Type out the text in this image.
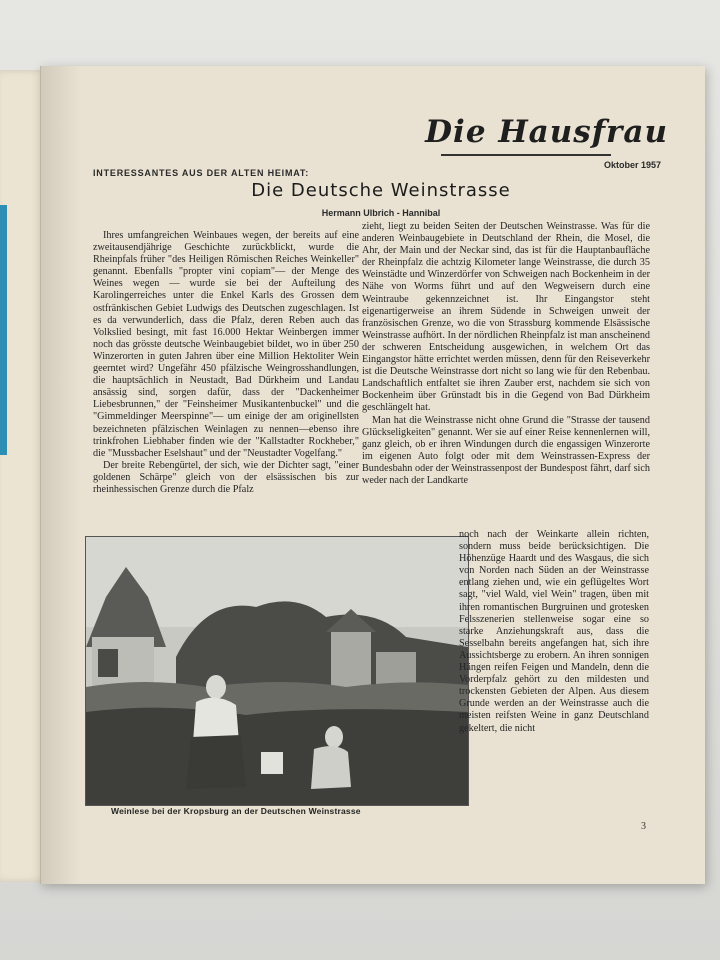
Die Hausfrau
Oktober 1957
INTERESSANTES AUS DER ALTEN HEIMAT:
Die Deutsche Weinstrasse
Hermann Ulbrich - Hannibal

Ihres umfangreichen Weinbaues wegen, der bereits auf eine zweitausendjährige Geschichte zurückblickt, wurde die Rheinpfals früher "des Heiligen Römischen Reiches Weinkeller" genannt. Ebenfalls "propter vini copiam"— der Menge des Weines wegen — wurde sie bei der Aufteilung des Karolingerreiches unter die Enkel Karls des Grossen dem ostfränkischen Gebiet Ludwigs des Deutschen zugeschlagen. Ist es da verwunderlich, dass die Pfalz, deren Reben auch das Volkslied besingt, mit fast 16.000 Hektar Weinbergen immer noch das grösste deutsche Weinbaugebiet bildet, wo in über 250 Winzerorten in guten Jahren über eine Million Hektoliter Wein geerntet wird? Ungefähr 450 pfälzische Weingrosshandlungen, die hauptsächlich in Neustadt, Bad Dürkheim und Landau ansässig sind, sorgen dafür, dass der "Dackenheimer Liebesbrunnen," der "Feinsheimer Musikantenbuckel" und die "Gimmeldinger Meerspinne"— um einige der am originellsten bezeichneten pfälzischen Weinlagen zu nennen—ebenso ihre trinkfrohen Liebhaber finden wie der "Kallstadter Rockheber," die "Mussbacher Eselshaut" und der "Neustadter Vogelfang."

Der breite Rebengürtel, der sich, wie der Dichter sagt, "einer goldenen Schärpe" gleich von der elsässischen bis zur rheinhessischen Grenze durch die Pfalz

zieht, liegt zu beiden Seiten der Deutschen Weinstrasse. Was für die anderen Weinbaugebiete in Deutschland der Rhein, die Mosel, die Ahr, der Main und der Neckar sind, das ist für die Hauptanbaufläche der Rheinpfalz die achtzig Kilometer lange Weinstrasse, die durch 35 Weinstädte und Winzerdörfer von Schweigen nach Bockenheim in der Nähe von Worms führt und auf den Wegweisern durch eine Weintraube gekennzeichnet ist. Ihr Eingangstor steht eigenartigerweise an ihrem Südende in Schweigen unweit der französischen Grenze, wo die von Strassburg kommende Elsässische Weinstrasse aufhört. In der nördlichen Rheinpfalz ist man anscheinend der schweren Entscheidung ausgewichen, in welchem Ort das Eingangstor hätte errichtet werden müssen, denn für den Reiseverkehr ist die Deutsche Weinstrasse dort nicht so lang wie für den Rebenbau. Landschaftlich entfaltet sie ihren Zauber erst, nachdem sie sich von Bockenheim über Grünstadt bis in die Gegend von Bad Dürkheim geschlängelt hat.

Man hat die Weinstrasse nicht ohne Grund die "Strasse der tausend Glückseligkeiten" genannt. Wer sie auf einer Reise kennenlernen will, ganz gleich, ob er ihren Windungen durch die engassigen Winzerorte im eigenen Auto folgt oder mit dem Weinstrassen-Express der Bundesbahn oder der Weinstrassenpost der Bundespost fährt, darf sich weder nach der Landkarte

Weinlese bei der Kropsburg an der Deutschen Weinstrasse

noch nach der Weinkarte allein richten, sondern muss beide berücksichtigen. Die Höhenzüge Haardt und des Wasgaus, die sich von Norden nach Süden an der Weinstrasse entlang ziehen und, wie ein geflügeltes Wort sagt, "viel Wald, viel Wein" tragen, üben mit ihren romantischen Burgruinen und grotesken Felsszenerien stellenweise sogar eine so starke Anziehungskraft aus, dass die Sesselbahn bereits angefangen hat, sich ihre Aussichtsberge zu erobern. An ihren sonnigen Hängen reifen Feigen und Mandeln, denn die Vorderpfalz gehört zu den mildesten und trockensten Gebieten der Alpen. Aus diesem Grunde werden an der Weinstrasse auch die meisten reifsten Weine in ganz Deutschland gekeltert, die nicht

3
